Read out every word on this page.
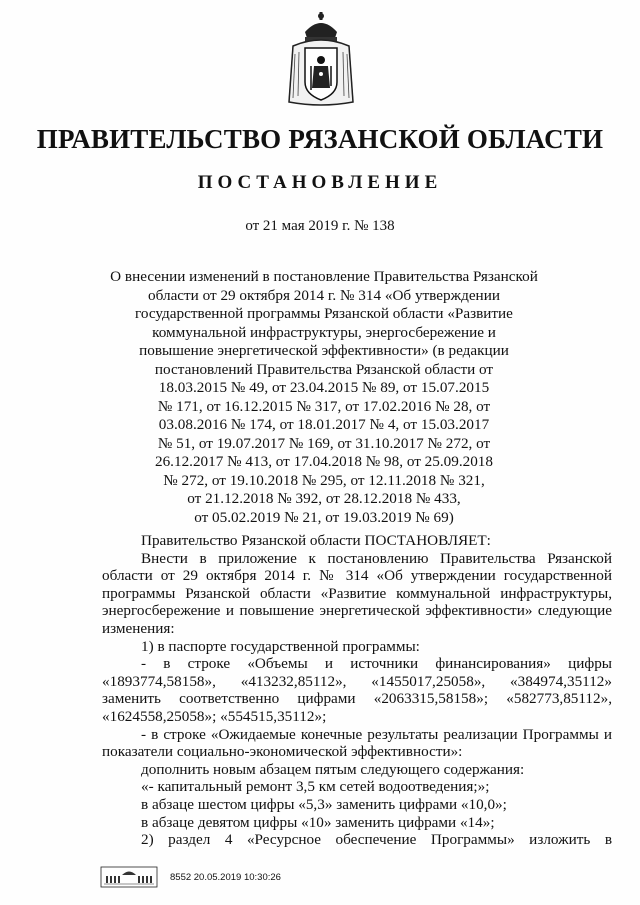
ПРАВИТЕЛЬСТВО РЯЗАНСКОЙ ОБЛАСТИ
ПОСТАНОВЛЕНИЕ
от 21 мая 2019 г. № 138
О внесении изменений в постановление Правительства Рязанской
области от 29 октября 2014 г. № 314 «Об утверждении
государственной программы Рязанской области «Развитие
коммунальной инфраструктуры, энергосбережение и
повышение энергетической эффективности» (в редакции
постановлений Правительства Рязанской области от
18.03.2015 № 49, от 23.04.2015 № 89, от 15.07.2015
№ 171, от 16.12.2015 № 317, от 17.02.2016 № 28, от
03.08.2016 № 174, от 18.01.2017 № 4, от 15.03.2017
№ 51, от 19.07.2017 № 169, от 31.10.2017 № 272, от
26.12.2017 № 413, от 17.04.2018 № 98, от 25.09.2018
№ 272, от 19.10.2018 № 295, от 12.11.2018 № 321,
от 21.12.2018 № 392, от 28.12.2018 № 433,
от 05.02.2019 № 21, от 19.03.2019 № 69)
Правительство Рязанской области ПОСТАНОВЛЯЕТ:
Внести в приложение к постановлению Правительства Рязанской
области от 29 октября 2014 г. № 314 «Об утверждении государственной
программы Рязанской области «Развитие коммунальной инфраструктуры,
энергосбережение и повышение энергетической эффективности» следующие
изменения:
1) в паспорте государственной программы:
- в строке «Объемы и источники финансирования» цифры
«1893774,58158», «413232,85112», «1455017,25058», «384974,35112»
заменить соответственно цифрами «2063315,58158»; «582773,85112»,
«1624558,25058»; «554515,35112»;
- в строке «Ожидаемые конечные результаты реализации Программы и
показатели социально-экономической эффективности»:
дополнить новым абзацем пятым следующего содержания:
«- капитальный ремонт 3,5 км сетей водоотведения;»;
в абзаце шестом цифры «5,3» заменить цифрами «10,0»;
в абзаце девятом цифры «10» заменить цифрами «14»;
2) раздел 4 «Ресурсное обеспечение Программы» изложить в
8552 20.05.2019 10:30:26
